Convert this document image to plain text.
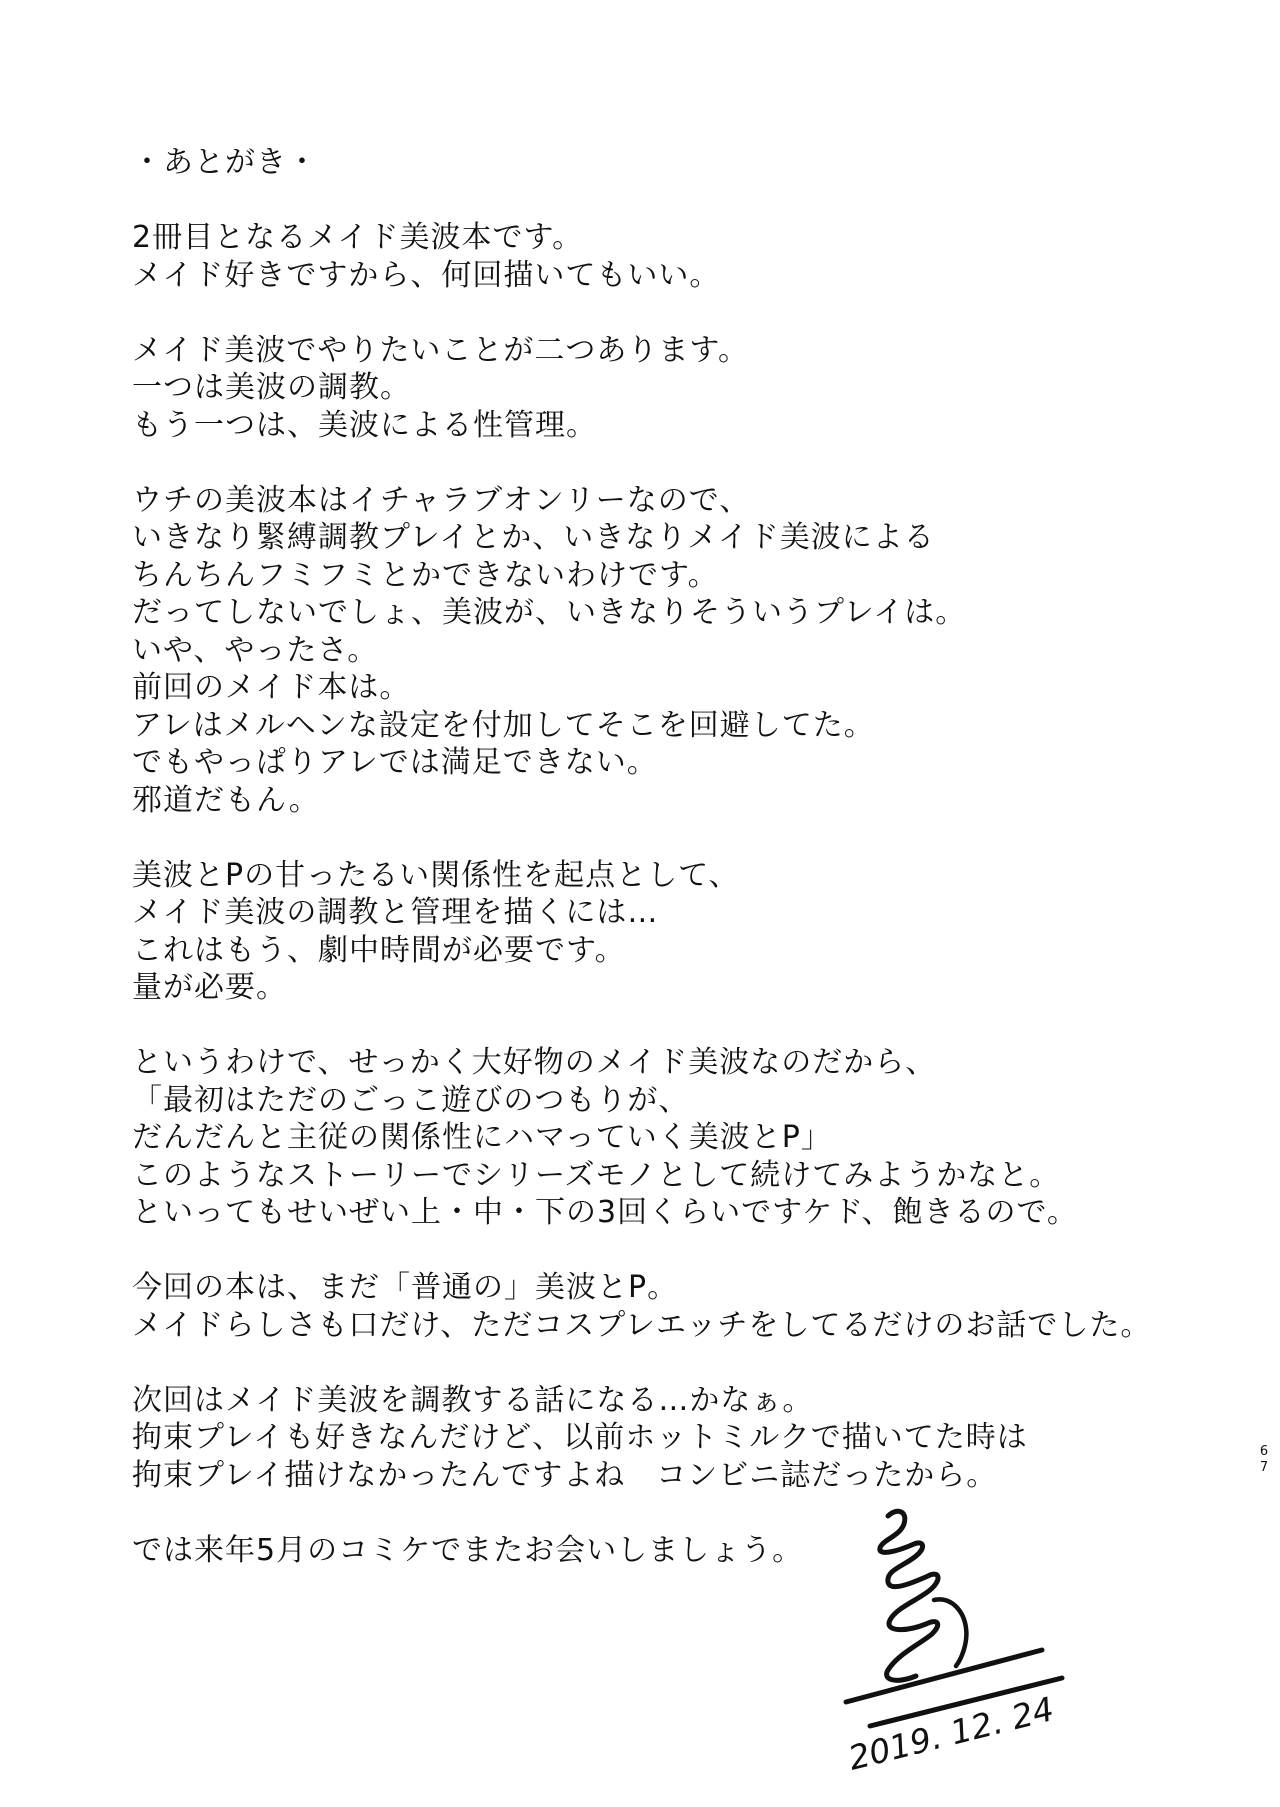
・あとがき・
2冊目となるメイド美波本です。
メイド好きですから、何回描いてもいい。
メイド美波でやりたいことが二つあります。
一つは美波の調教。
もう一つは、美波による性管理。
ウチの美波本はイチャラブオンリーなので、
いきなり緊縛調教プレイとか、いきなりメイド美波による
ちんちんフミフミとかできないわけです。
だってしないでしょ、美波が、いきなりそういうプレイは。
いや、やったさ。
前回のメイド本は。
アレはメルヘンな設定を付加してそこを回避してた。
でもやっぱりアレでは満足できない。
邪道だもん。
美波とPの甘ったるい関係性を起点として、
メイド美波の調教と管理を描くには…
これはもう、劇中時間が必要です。
量が必要。
というわけで、せっかく大好物のメイド美波なのだから、
「最初はただのごっこ遊びのつもりが、
だんだんと主従の関係性にハマっていく美波とP」
このようなストーリーでシリーズモノとして続けてみようかなと。
といってもせいぜい上・中・下の3回くらいですケド、飽きるので。
今回の本は、まだ「普通の」美波とP。
メイドらしさも口だけ、ただコスプレエッチをしてるだけのお話でした。
次回はメイド美波を調教する話になる…かなぁ。
拘束プレイも好きなんだけど、以前ホットミルクで描いてた時は
拘束プレイ描けなかったんですよね　コンビニ誌だったから。
では来年5月のコミケでまたお会いしましょう。
2019. 12. 24
67
